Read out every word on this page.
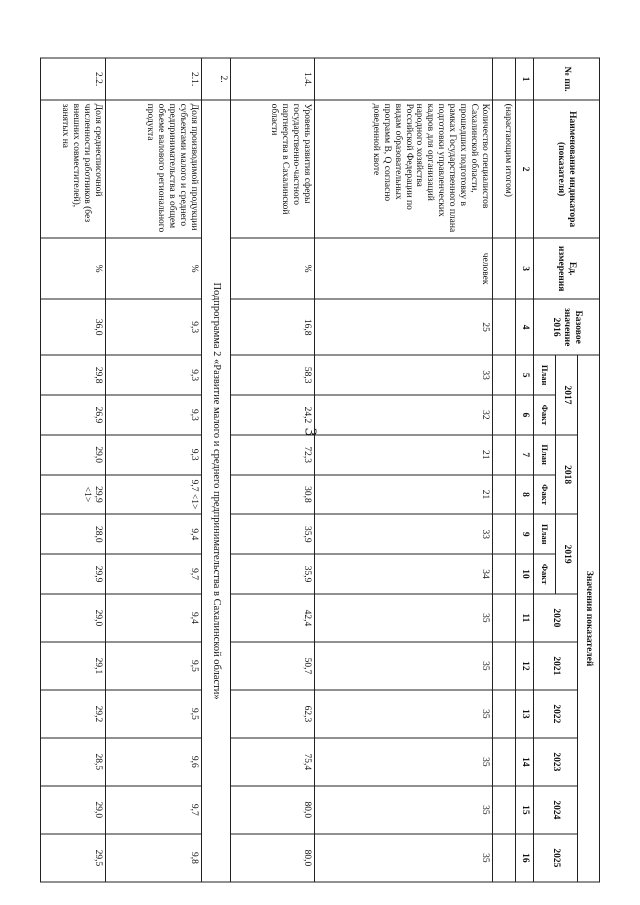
3
№ пп.	Наименование индикатора (показателя)	Ед. измерения	Базовое значение 2016	Значения показателей											
				2017		2018		2019		2020	2021	2022	2023	2024	2025
				План	Факт	План	Факт	План	Факт						
1	2	3	4	5	6	7	8	9	10	11	12	13	14	15	16
	(нарастающим итогом)														
	Количество специалистов Сахалинской области, прошедших подготовку в рамках Государственного плана подготовки управленческих кадров для организаций народного хозяйства Российской Федерации по видам образовательных программ В, Q согласно доведенной квоте	человек	25	33	32	21	21	33	34	35	35	35	35	35	35
1.4.	Уровень развития сферы государственно-частного партнерства в Сахалинской области	%	16,8	58,3	24,2	72,3	30,8	35,9	35,9	42,4	50,7	62,3	75,4	80,0	80,0
2.	Подпрограмма 2 «Развитие малого и среднего предпринимательства в Сахалинской области»														
2.1.	Доля производимой продукции субъектами малого и среднего предпринимательства в общем объеме валового регионального продукта	%	9,3	9,3	9,3	9,3	9,7 <1>	9,4	9,7	9,4	9,5	9,5	9,6	9,7	9,8
2.2.	Доля среднесписочной численности работников (без внешних совместителей), занятых на	%	36,0	29,8	26,9	29,0	29,9 <1>	28,0	29,9	29,0	29,1	29,2	28,5	29,0	29,5
